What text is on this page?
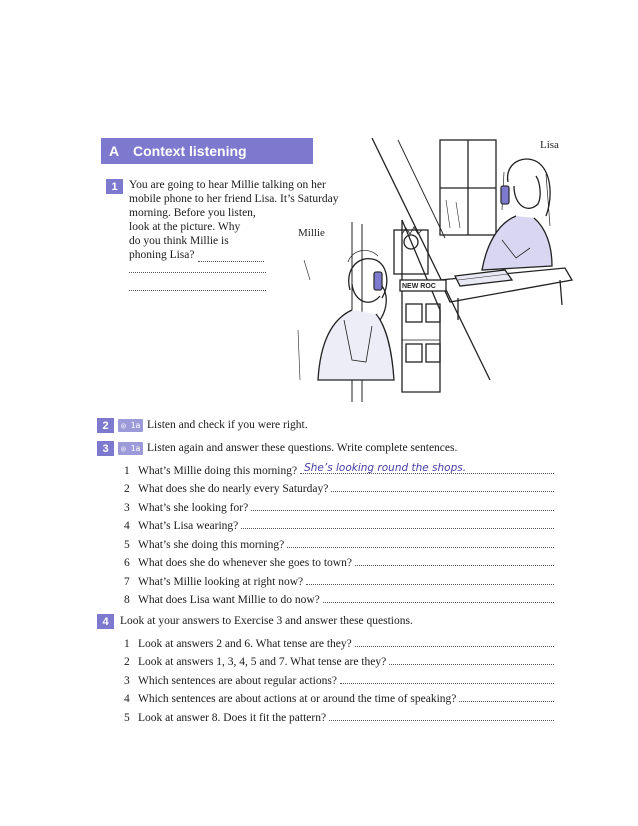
A Context listening
1 You are going to hear Millie talking on her
mobile phone to her friend Lisa. It’s Saturday
morning. Before you listen,
look at the picture. Why
do you think Millie is
phoning Lisa?
Lisa
Millie
NEW ROC
2	◎ 1a Listen and check if you were right.
3	◎ 1a Listen again and answer these questions. Write complete sentences.
1 What’s Millie doing this morning? She’s looking round the shops.
2 What does she do nearly every Saturday?
3 What’s she looking for?
4 What’s Lisa wearing?
5 What’s she doing this morning?
6 What does she do whenever she goes to town?
7 What’s Millie looking at right now?
8 What does Lisa want Millie to do now?
4 Look at your answers to Exercise 3 and answer these questions.
1 Look at answers 2 and 6. What tense are they?
2 Look at answers 1, 3, 4, 5 and 7. What tense are they?
3 Which sentences are about regular actions?
4 Which sentences are about actions at or around the time of speaking?
5 Look at answer 8. Does it fit the pattern?
